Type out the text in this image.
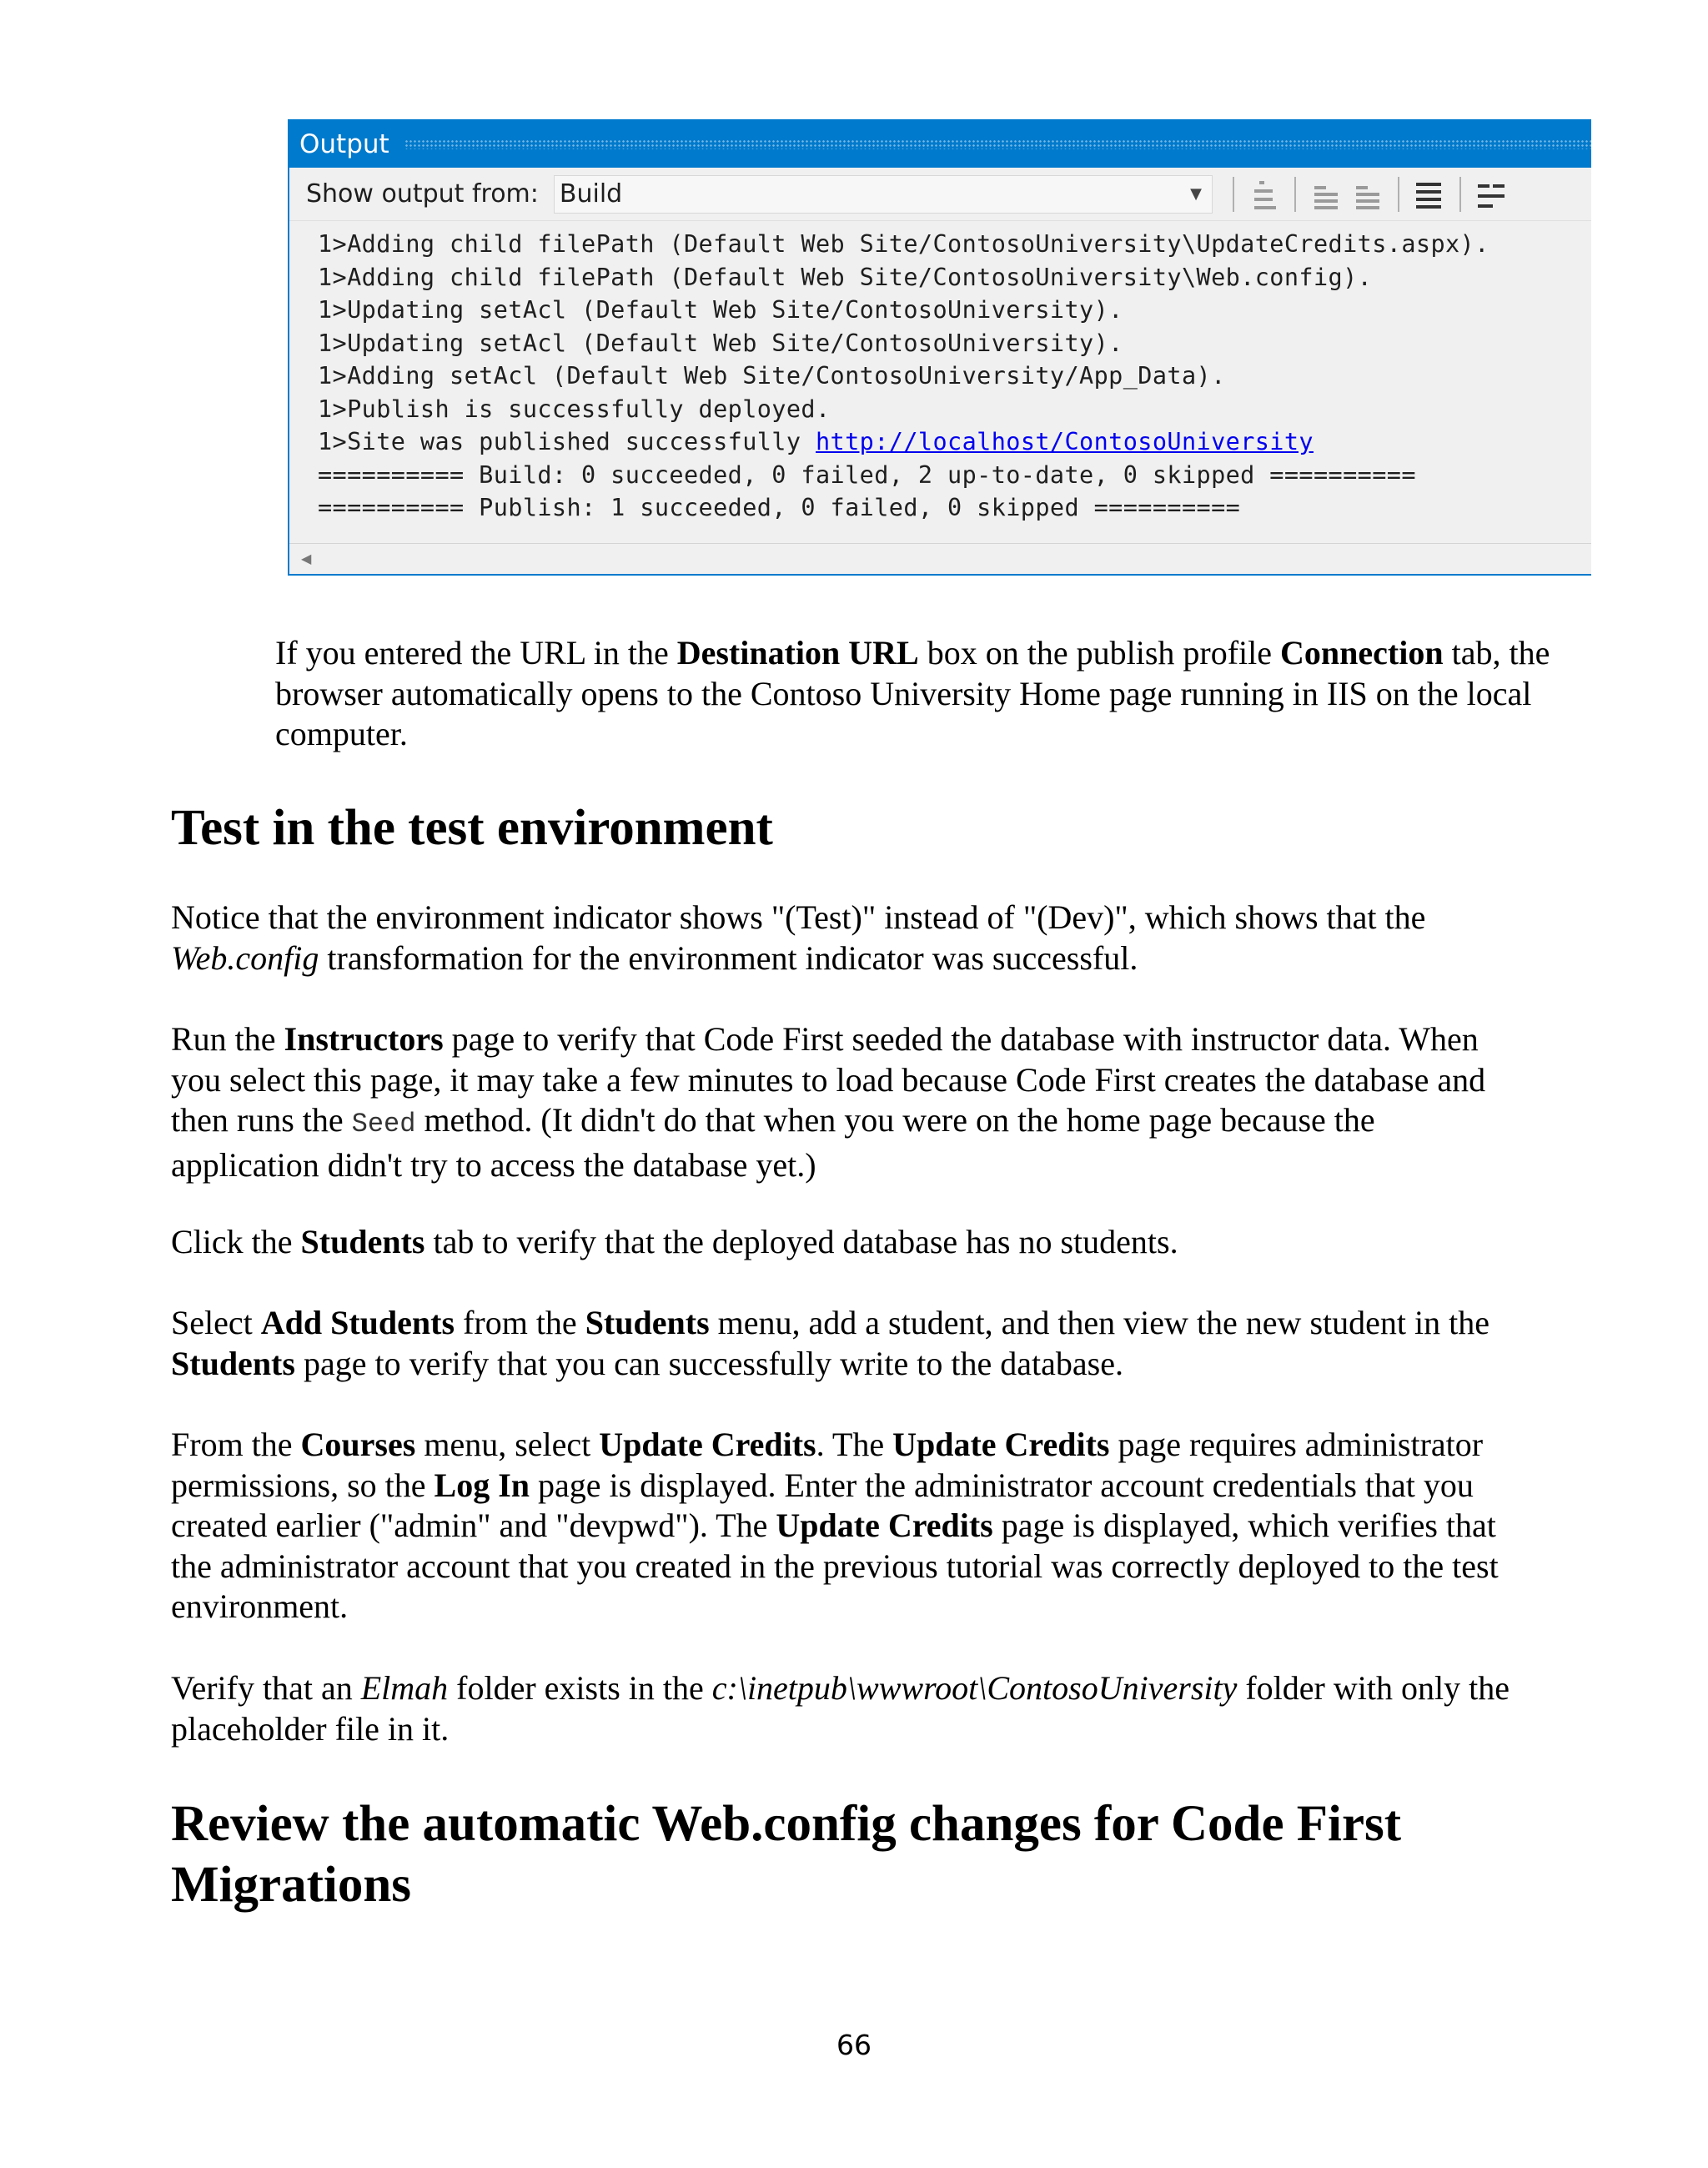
Output
Show output from: Build	▼
1>Adding child filePath (Default Web Site/ContosoUniversity\UpdateCredits.aspx).
1>Adding child filePath (Default Web Site/ContosoUniversity\Web.config).
1>Updating setAcl (Default Web Site/ContosoUniversity).
1>Updating setAcl (Default Web Site/ContosoUniversity).
1>Adding setAcl (Default Web Site/ContosoUniversity/App_Data).
1>Publish is successfully deployed.
1>Site was published successfully http://localhost/ContosoUniversity
========== Build: 0 succeeded, 0 failed, 2 up-to-date, 0 skipped ==========
========== Publish: 1 succeeded, 0 failed, 0 skipped ==========
◀

If you entered the URL in the Destination URL box on the publish profile Connection tab, the browser automatically opens to the Contoso University Home page running in IIS on the local computer.

Test in the test environment

Notice that the environment indicator shows "(Test)" instead of "(Dev)", which shows that the Web.config transformation for the environment indicator was successful.

Run the Instructors page to verify that Code First seeded the database with instructor data. When you select this page, it may take a few minutes to load because Code First creates the database and then runs the Seed method. (It didn't do that when you were on the home page because the application didn't try to access the database yet.)

Click the Students tab to verify that the deployed database has no students.

Select Add Students from the Students menu, add a student, and then view the new student in the Students page to verify that you can successfully write to the database.

From the Courses menu, select Update Credits. The Update Credits page requires administrator permissions, so the Log In page is displayed. Enter the administrator account credentials that you created earlier ("admin" and "devpwd"). The Update Credits page is displayed, which verifies that the administrator account that you created in the previous tutorial was correctly deployed to the test environment.

Verify that an Elmah folder exists in the c:\inetpub\wwwroot\ContosoUniversity folder with only the placeholder file in it.

Review the automatic Web.config changes for Code First Migrations
66
